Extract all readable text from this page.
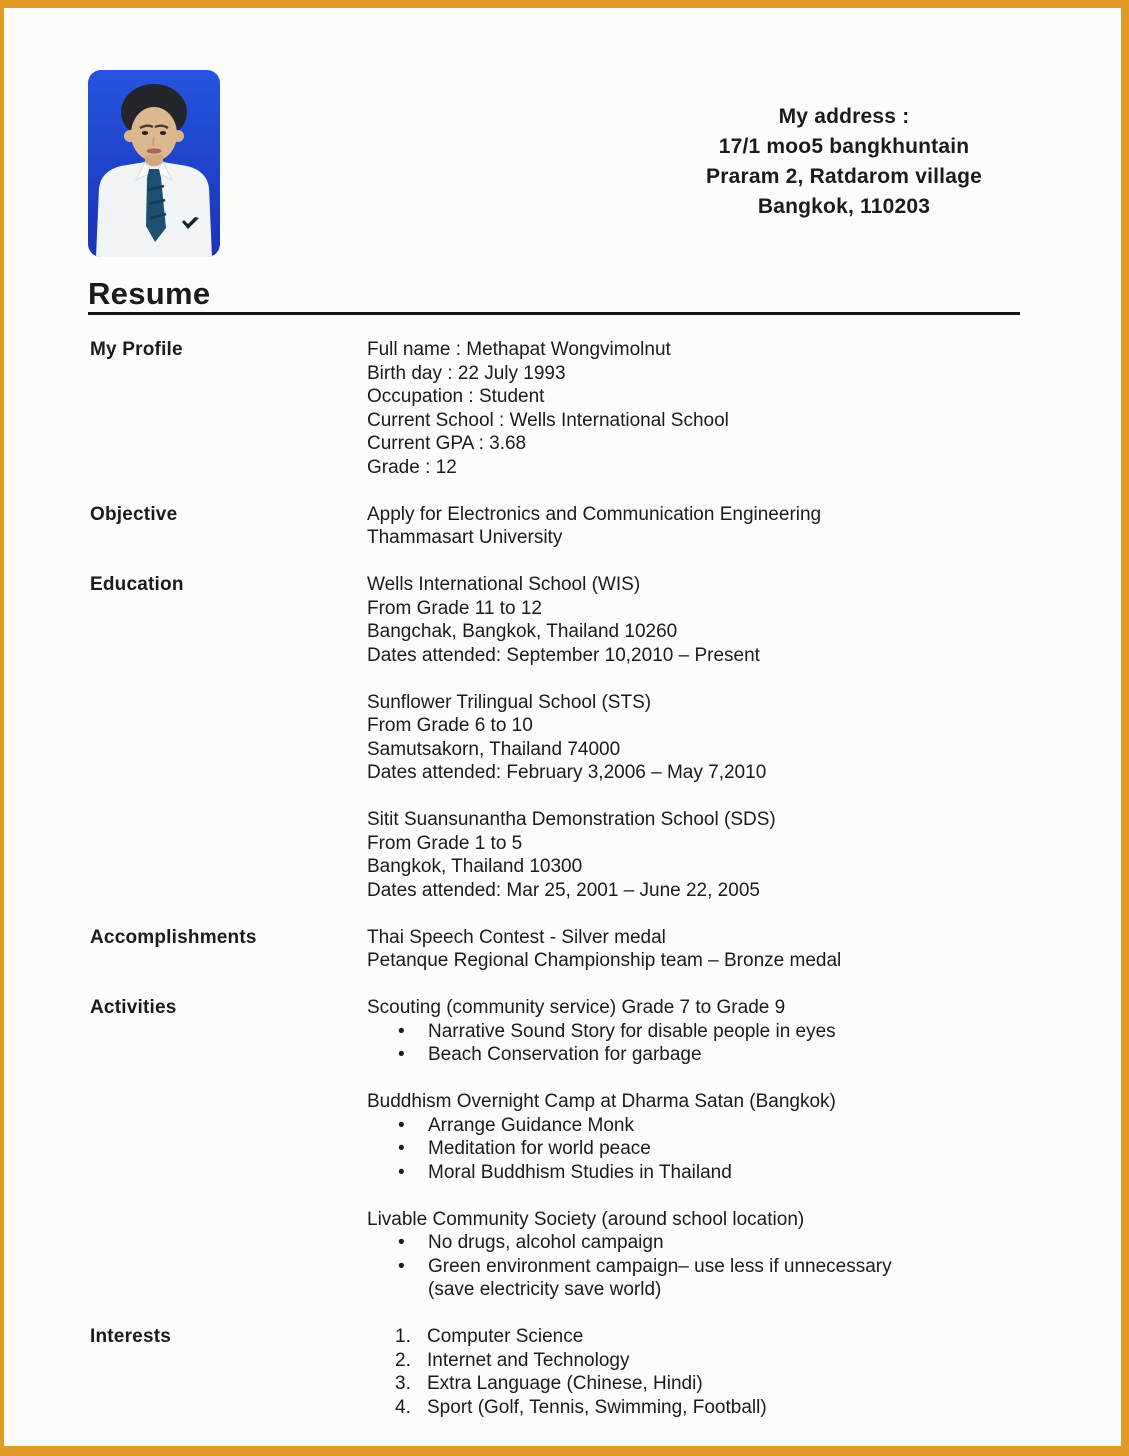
My address :
17/1 moo5 bangkhuntain
Praram 2, Ratdarom village
Bangkok, 110203
Resume
My Profile	Full name : Methapat Wongvimolnut
Birth day : 22 July 1993
Occupation : Student
Current School : Wells International School
Current GPA : 3.68
Grade : 12
Objective	Apply for Electronics and Communication Engineering
Thammasart University
Education	Wells International School (WIS)
From Grade 11 to 12
Bangchak, Bangkok, Thailand 10260
Dates attended: September 10,2010 – Present
Sunflower Trilingual School (STS)
From Grade 6 to 10
Samutsakorn, Thailand 74000
Dates attended: February 3,2006 – May 7,2010
Sitit Suansunantha Demonstration School (SDS)
From Grade 1 to 5
Bangkok, Thailand 10300
Dates attended: Mar 25, 2001 – June 22, 2005
Accomplishments	Thai Speech Contest - Silver medal
Petanque Regional Championship team – Bronze medal
Activities	Scouting (community service) Grade 7 to Grade 9
•	Narrative Sound Story for disable people in eyes
•	Beach Conservation for garbage
Buddhism Overnight Camp at Dharma Satan (Bangkok)
•	Arrange Guidance Monk
•	Meditation for world peace
•	Moral Buddhism Studies in Thailand
Livable Community Society (around school location)
•	No drugs, alcohol campaign
•	Green environment campaign– use less if unnecessary
(save electricity save world)
Interests	1. Computer Science
2. Internet and Technology
3. Extra Language (Chinese, Hindi)
4. Sport (Golf, Tennis, Swimming, Football)
